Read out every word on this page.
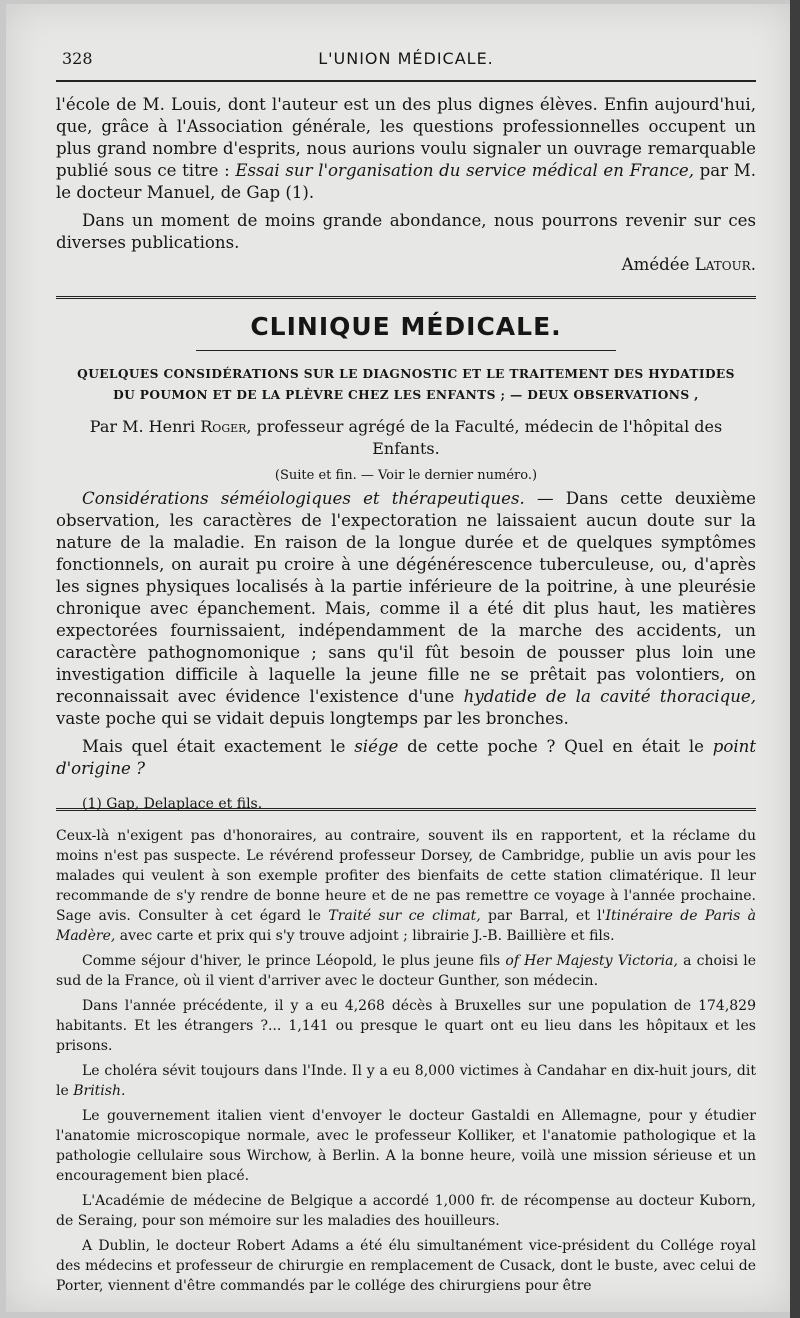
328	L'UNION MÉDICALE.

l'école de M. Louis, dont l'auteur est un des plus dignes élèves. Enfin aujourd'hui, que, grâce à l'Association générale, les questions professionnelles occupent un plus grand nombre d'esprits, nous aurions voulu signaler un ouvrage remarquable publié sous ce titre : Essai sur l'organisation du service médical en France, par M. le docteur Manuel, de Gap (1).

Dans un moment de moins grande abondance, nous pourrons revenir sur ces diverses publications.

Amédée Latour.

CLINIQUE MÉDICALE.
QUELQUES CONSIDÉRATIONS SUR LE DIAGNOSTIC ET LE TRAITEMENT DES HYDATIDES
DU POUMON ET DE LA PLÈVRE CHEZ LES ENFANTS ; — DEUX OBSERVATIONS ,

Par M. Henri Roger, professeur agrégé de la Faculté, médecin de l'hôpital des Enfants.

(Suite et fin. — Voir le dernier numéro.)

Considérations séméiologiques et thérapeutiques. — Dans cette deuxième observation, les caractères de l'expectoration ne laissaient aucun doute sur la nature de la maladie. En raison de la longue durée et de quelques symptômes fonctionnels, on aurait pu croire à une dégénérescence tuberculeuse, ou, d'après les signes physiques localisés à la partie inférieure de la poitrine, à une pleurésie chronique avec épanchement. Mais, comme il a été dit plus haut, les matières expectorées fournissaient, indépendamment de la marche des accidents, un caractère pathognomonique ; sans qu'il fût besoin de pousser plus loin une investigation difficile à laquelle la jeune fille ne se prêtait pas volontiers, on reconnaissait avec évidence l'existence d'une hydatide de la cavité thoracique, vaste poche qui se vidait depuis longtemps par les bronches.

Mais quel était exactement le siége de cette poche ? Quel en était le point d'origine ?

(1) Gap, Delaplace et fils.

Ceux-là n'exigent pas d'honoraires, au contraire, souvent ils en rapportent, et la réclame du moins n'est pas suspecte. Le révérend professeur Dorsey, de Cambridge, publie un avis pour les malades qui veulent à son exemple profiter des bienfaits de cette station climatérique. Il leur recommande de s'y rendre de bonne heure et de ne pas remettre ce voyage à l'année prochaine. Sage avis. Consulter à cet égard le Traité sur ce climat, par Barral, et l'Itinéraire de Paris à Madère, avec carte et prix qui s'y trouve adjoint ; librairie J.-B. Baillière et fils.

Comme séjour d'hiver, le prince Léopold, le plus jeune fils of Her Majesty Victoria, a choisi le sud de la France, où il vient d'arriver avec le docteur Gunther, son médecin.

Dans l'année précédente, il y a eu 4,268 décès à Bruxelles sur une population de 174,829 habitants. Et les étrangers ?... 1,141 ou presque le quart ont eu lieu dans les hôpitaux et les prisons.

Le choléra sévit toujours dans l'Inde. Il y a eu 8,000 victimes à Candahar en dix-huit jours, dit le British.

Le gouvernement italien vient d'envoyer le docteur Gastaldi en Allemagne, pour y étudier l'anatomie microscopique normale, avec le professeur Kolliker, et l'anatomie pathologique et la pathologie cellulaire sous Wirchow, à Berlin. A la bonne heure, voilà une mission sérieuse et un encouragement bien placé.

L'Académie de médecine de Belgique a accordé 1,000 fr. de récompense au docteur Kuborn, de Seraing, pour son mémoire sur les maladies des houilleurs.

A Dublin, le docteur Robert Adams a été élu simultanément vice-président du Collége royal des médecins et professeur de chirurgie en remplacement de Cusack, dont le buste, avec celui de Porter, viennent d'être commandés par le collége des chirurgiens pour être
